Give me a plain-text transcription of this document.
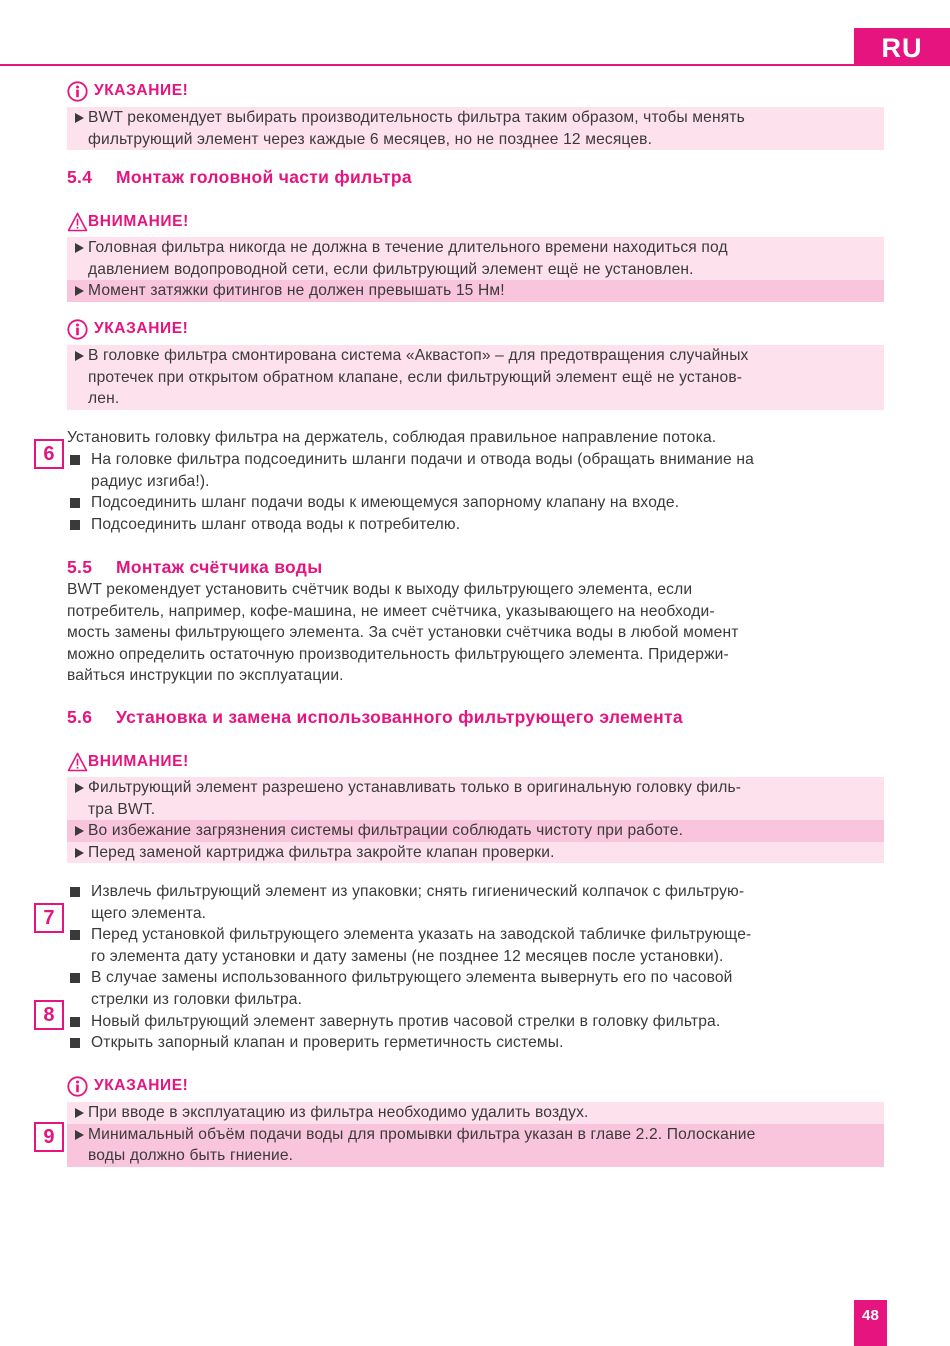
RU
УКАЗАНИЕ!
BWT рекомендует выбирать производительность фильтра таким образом, чтобы менять
фильтрующий элемент через каждые 6 месяцев, но не позднее 12 месяцев.
5.4 Монтаж головной части фильтра
ВНИМАНИЕ!
Головная фильтра никогда не должна в течение длительного времени находиться под
давлением водопроводной сети, если фильтрующий элемент ещё не установлен.
Момент затяжки фитингов не должен превышать 15 Нм!
УКАЗАНИЕ!
В головке фильтра смонтирована система «Аквастоп» – для предотвращения случайных
протечек при открытом обратном клапане, если фильтрующий элемент ещё не установ-
лен.
Установить головку фильтра на держатель, соблюдая правильное направление потока.
6	На головке фильтра подсоединить шланги подачи и отвода воды (обращать внимание на
радиус изгиба!).
Подсоединить шланг подачи воды к имеющемуся запорному клапану на входе.
Подсоединить шланг отвода воды к потребителю.
5.5 Монтаж счётчика воды
BWT рекомендует установить счётчик воды к выходу фильтрующего элемента, если
потребитель, например, кофе-машина, не имеет счётчика, указывающего на необходи-
мость замены фильтрующего элемента. За счёт установки счётчика воды в любой момент
можно определить остаточную производительность фильтрующего элемента. Придержи-
вайться инструкции по эксплуатации.
5.6 Установка и замена использованного фильтрующего элемента
ВНИМАНИЕ!
Фильтрующий элемент разрешено устанавливать только в оригинальную головку филь-
тра BWT.
Во избежание загрязнения системы фильтрации соблюдать чистоту при работе.
Перед заменой картриджа фильтра закройте клапан проверки.
7
8
Извлечь фильтрующий элемент из упаковки; снять гигиенический колпачок с фильтрую-
щего элемента.
Перед установкой фильтрующего элемента указать на заводской табличке фильтрующе-
го элемента дату установки и дату замены (не позднее 12 месяцев после установки).
В случае замены использованного фильтрующего элемента вывернуть его по часовой
стрелки из головки фильтра.
Новый фильтрующий элемент завернуть против часовой стрелки в головку фильтра.
Открыть запорный клапан и проверить герметичность системы.
УКАЗАНИЕ!
9
При вводе в эксплуатацию из фильтра необходимо удалить воздух.
Минимальный объём подачи воды для промывки фильтра указан в главе 2.2. Полоскание
воды должно быть гниение.
48
